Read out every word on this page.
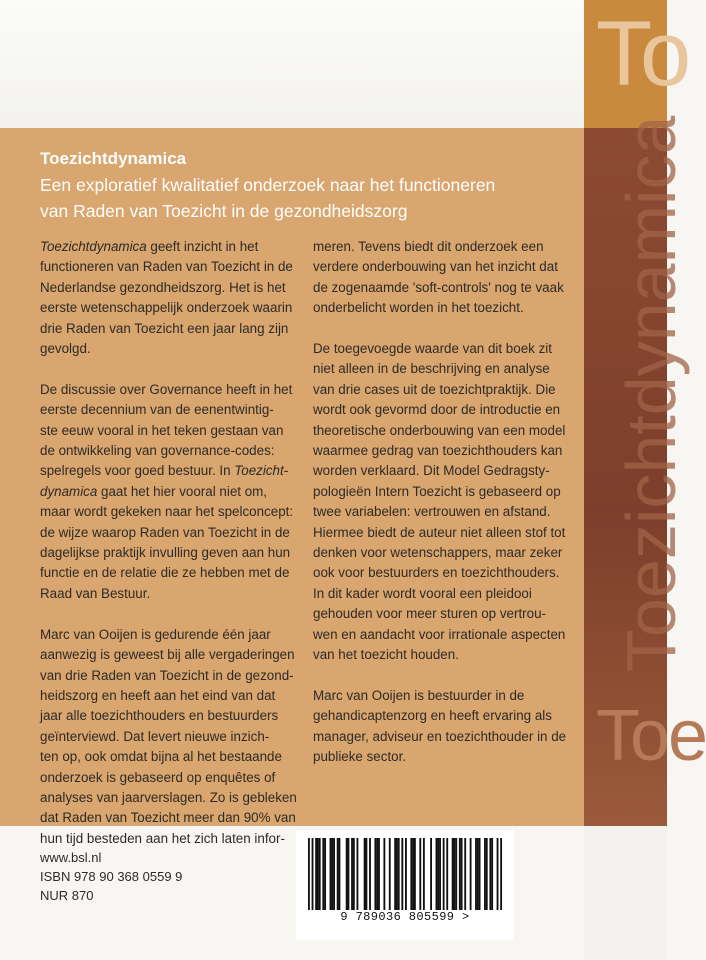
To
Toezichtdynamica
Toe
Toezichtdynamica
Een exploratief kwalitatief onderzoek naar het functioneren
van Raden van Toezicht in de gezondheidszorg

Toezichtdynamica geeft inzicht in het
functioneren van Raden van Toezicht in de
Nederlandse gezondheidszorg. Het is het
eerste wetenschappelijk onderzoek waarin
drie Raden van Toezicht een jaar lang zijn
gevolgd.

De discussie over Governance heeft in het
eerste decennium van de eenentwintig-
ste eeuw vooral in het teken gestaan van
de ontwikkeling van governance-codes:
spelregels voor goed bestuur. In Toezicht-
dynamica gaat het hier vooral niet om,
maar wordt gekeken naar het spelconcept:
de wijze waarop Raden van Toezicht in de
dagelijkse praktijk invulling geven aan hun
functie en de relatie die ze hebben met de
Raad van Bestuur.

Marc van Ooijen is gedurende één jaar
aanwezig is geweest bij alle vergaderingen
van drie Raden van Toezicht in de gezond-
heidszorg en heeft aan het eind van dat
jaar alle toezichthouders en bestuurders
geïnterviewd. Dat levert nieuwe inzich-
ten op, ook omdat bijna al het bestaande
onderzoek is gebaseerd op enquêtes of
analyses van jaarverslagen. Zo is gebleken
dat Raden van Toezicht meer dan 90% van
hun tijd besteden aan het zich laten infor-

meren. Tevens biedt dit onderzoek een
verdere onderbouwing van het inzicht dat
de zogenaamde 'soft-controls' nog te vaak
onderbelicht worden in het toezicht.

De toegevoegde waarde van dit boek zit
niet alleen in de beschrijving en analyse
van drie cases uit de toezichtpraktijk. Die
wordt ook gevormd door de introductie en
theoretische onderbouwing van een model
waarmee gedrag van toezichthouders kan
worden verklaard. Dit Model Gedragsty-
pologieën Intern Toezicht is gebaseerd op
twee variabelen: vertrouwen en afstand.
Hiermee biedt de auteur niet alleen stof tot
denken voor wetenschappers, maar zeker
ook voor bestuurders en toezichthouders.
In dit kader wordt vooral een pleidooi
gehouden voor meer sturen op vertrou-
wen en aandacht voor irrationale aspecten
van het toezicht houden.

Marc van Ooijen is bestuurder in de
gehandicaptenzorg en heeft ervaring als
manager, adviseur en toezichthouder in de
publieke sector.

www.bsl.nl
ISBN 978 90 368 0559 9
NUR 870
9 789036 805599 >
